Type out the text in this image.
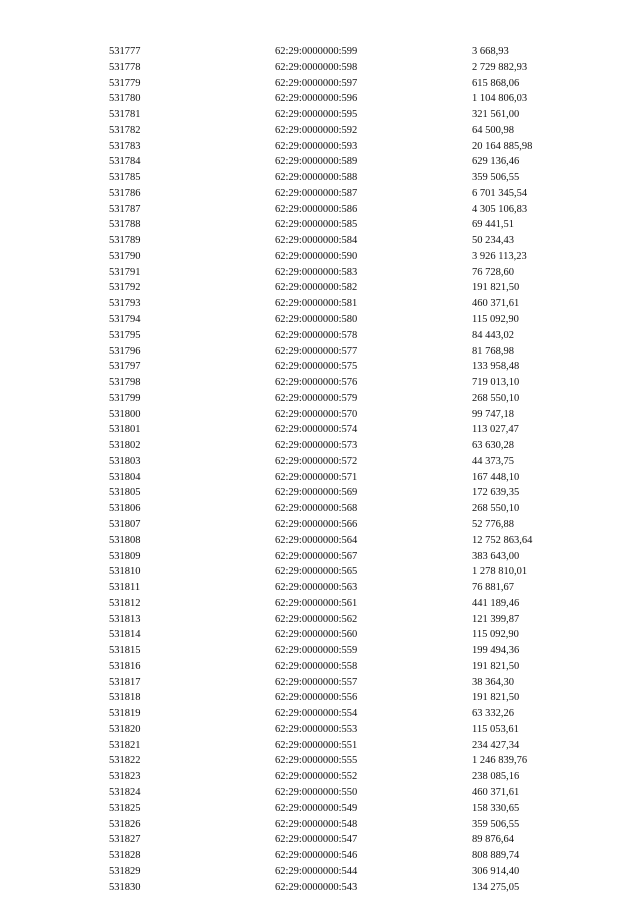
531777	62:29:0000000:599	3 668,93
531778	62:29:0000000:598	2 729 882,93
531779	62:29:0000000:597	615 868,06
531780	62:29:0000000:596	1 104 806,03
531781	62:29:0000000:595	321 561,00
531782	62:29:0000000:592	64 500,98
531783	62:29:0000000:593	20 164 885,98
531784	62:29:0000000:589	629 136,46
531785	62:29:0000000:588	359 506,55
531786	62:29:0000000:587	6 701 345,54
531787	62:29:0000000:586	4 305 106,83
531788	62:29:0000000:585	69 441,51
531789	62:29:0000000:584	50 234,43
531790	62:29:0000000:590	3 926 113,23
531791	62:29:0000000:583	76 728,60
531792	62:29:0000000:582	191 821,50
531793	62:29:0000000:581	460 371,61
531794	62:29:0000000:580	115 092,90
531795	62:29:0000000:578	84 443,02
531796	62:29:0000000:577	81 768,98
531797	62:29:0000000:575	133 958,48
531798	62:29:0000000:576	719 013,10
531799	62:29:0000000:579	268 550,10
531800	62:29:0000000:570	99 747,18
531801	62:29:0000000:574	113 027,47
531802	62:29:0000000:573	63 630,28
531803	62:29:0000000:572	44 373,75
531804	62:29:0000000:571	167 448,10
531805	62:29:0000000:569	172 639,35
531806	62:29:0000000:568	268 550,10
531807	62:29:0000000:566	52 776,88
531808	62:29:0000000:564	12 752 863,64
531809	62:29:0000000:567	383 643,00
531810	62:29:0000000:565	1 278 810,01
531811	62:29:0000000:563	76 881,67
531812	62:29:0000000:561	441 189,46
531813	62:29:0000000:562	121 399,87
531814	62:29:0000000:560	115 092,90
531815	62:29:0000000:559	199 494,36
531816	62:29:0000000:558	191 821,50
531817	62:29:0000000:557	38 364,30
531818	62:29:0000000:556	191 821,50
531819	62:29:0000000:554	63 332,26
531820	62:29:0000000:553	115 053,61
531821	62:29:0000000:551	234 427,34
531822	62:29:0000000:555	1 246 839,76
531823	62:29:0000000:552	238 085,16
531824	62:29:0000000:550	460 371,61
531825	62:29:0000000:549	158 330,65
531826	62:29:0000000:548	359 506,55
531827	62:29:0000000:547	89 876,64
531828	62:29:0000000:546	808 889,74
531829	62:29:0000000:544	306 914,40
531830	62:29:0000000:543	134 275,05
